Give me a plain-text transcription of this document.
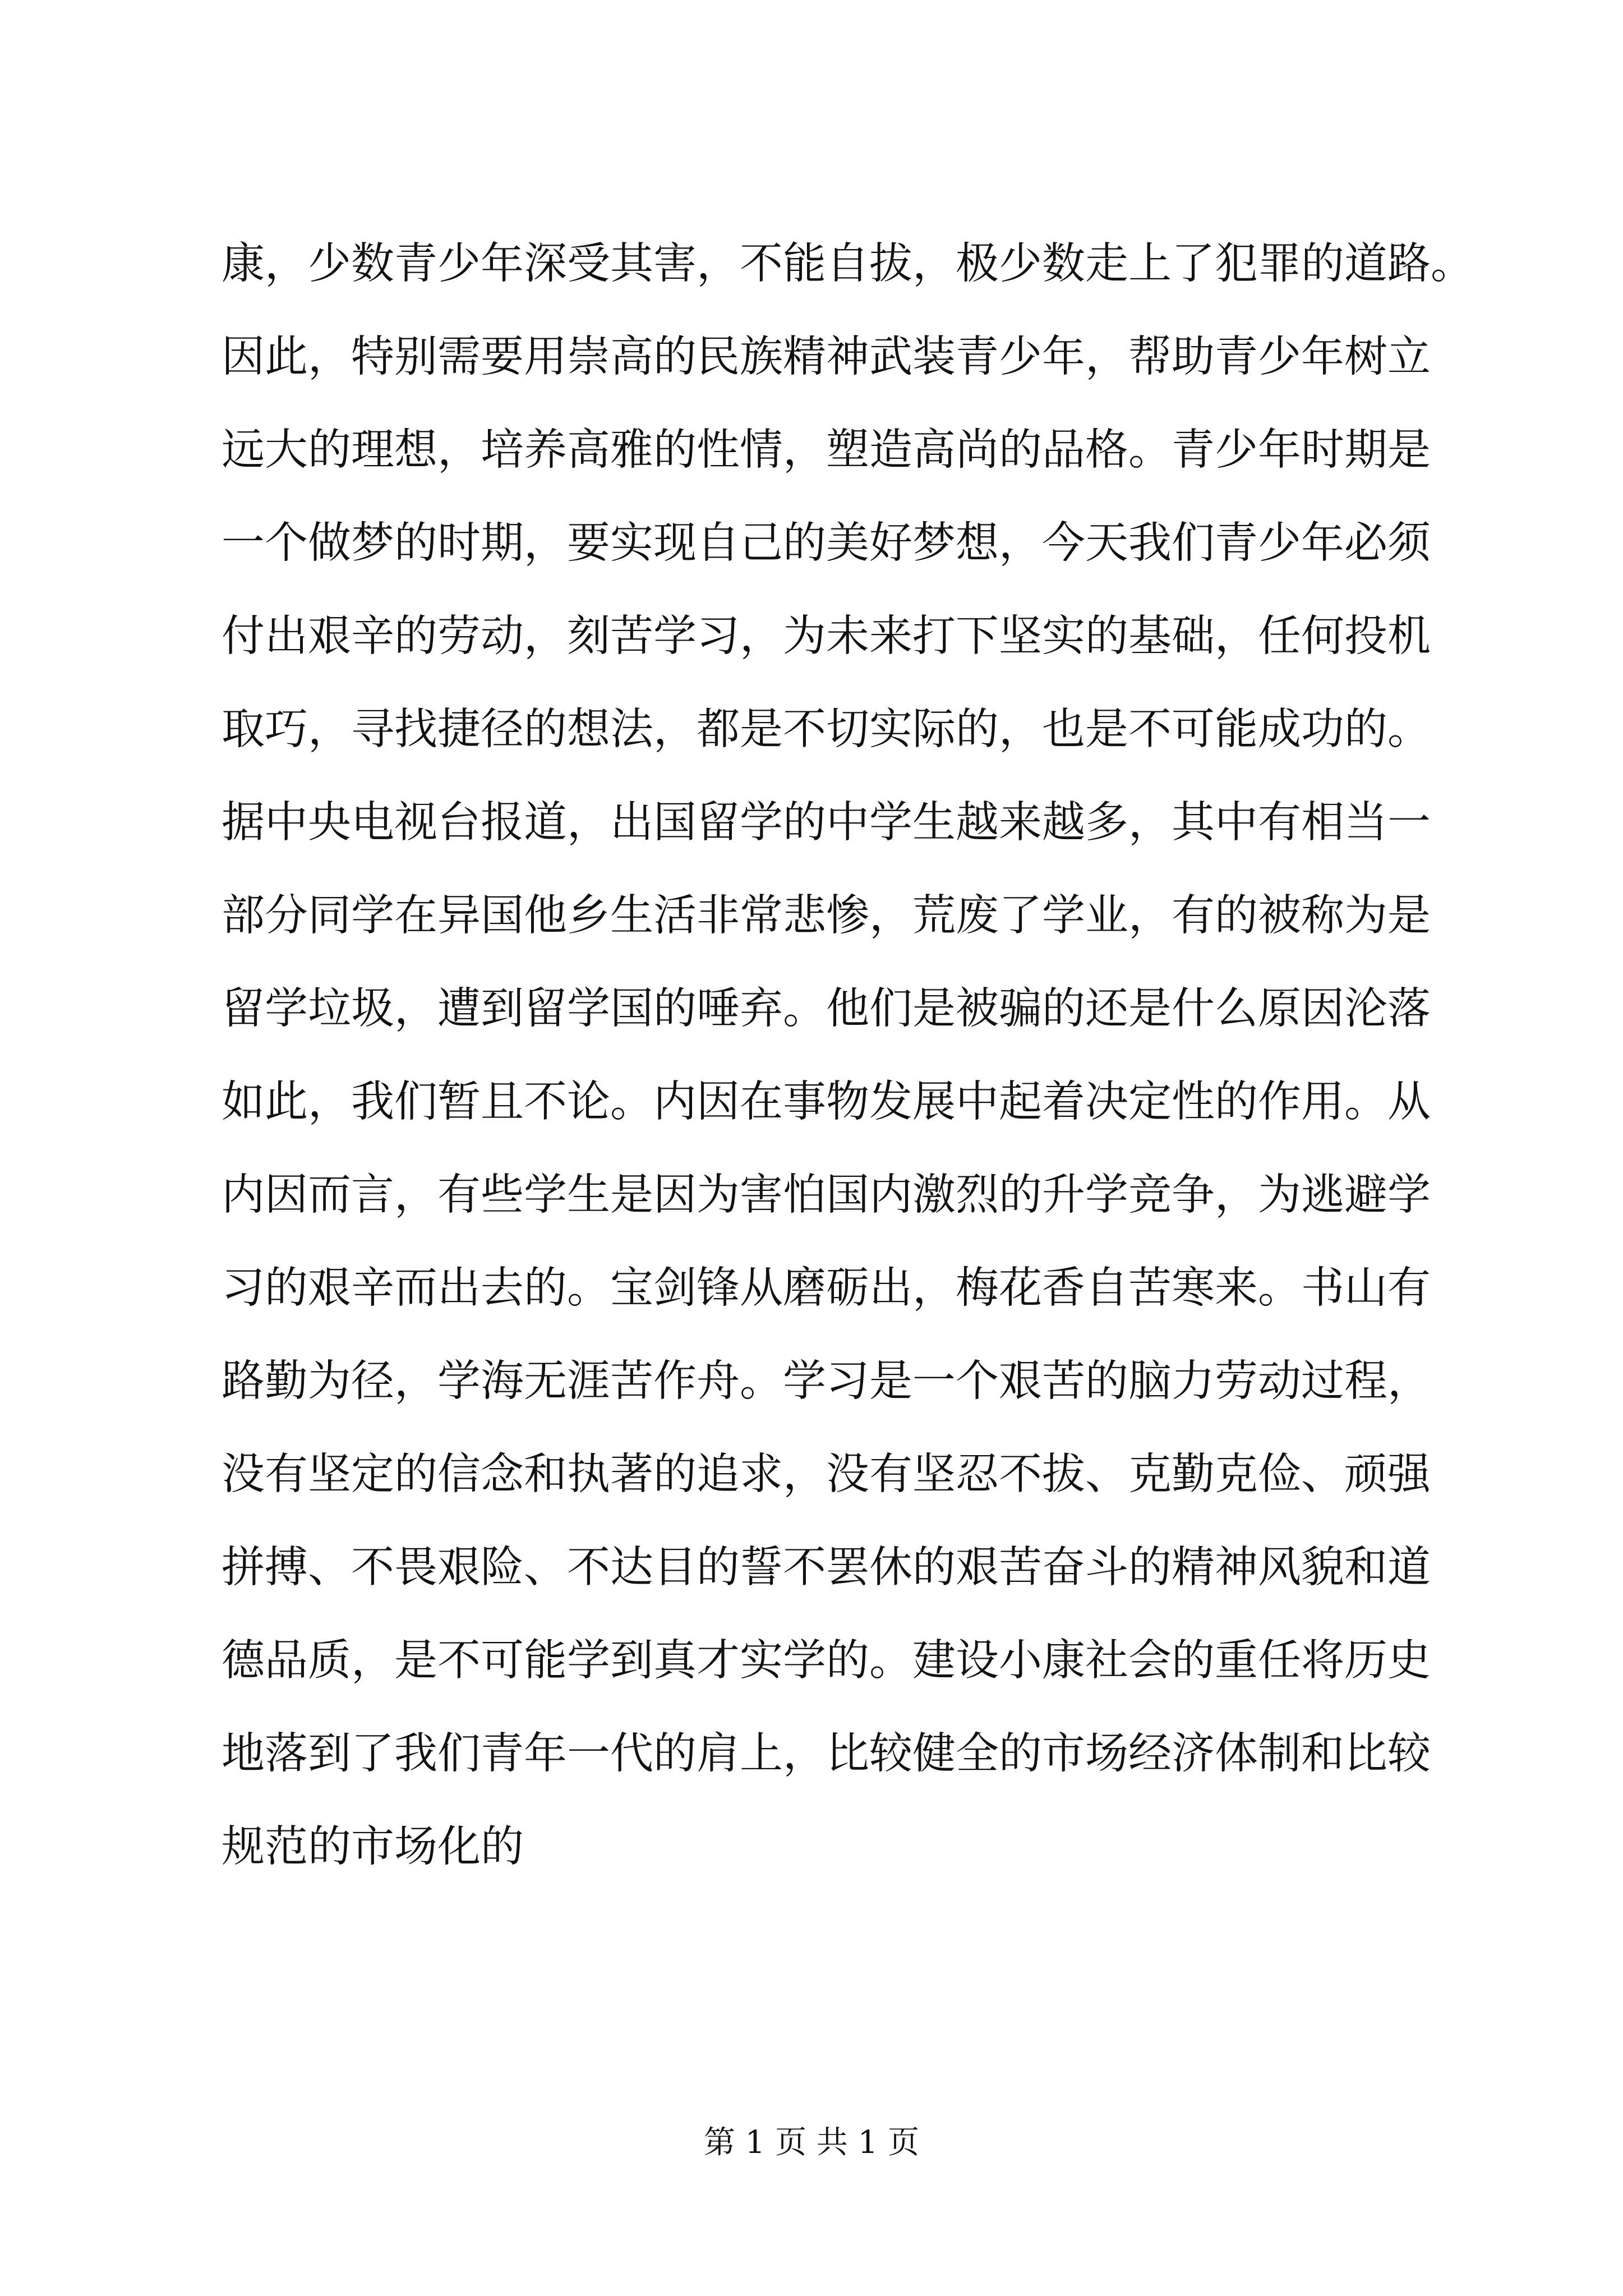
康，少数青少年深受其害，不能自拔，极少数走上了犯罪的道路。
因此，特别需要用崇高的民族精神武装青少年，帮助青少年树立
远大的理想，培养高雅的性情，塑造高尚的品格。青少年时期是
一个做梦的时期，要实现自己的美好梦想，今天我们青少年必须
付出艰辛的劳动，刻苦学习，为未来打下坚实的基础，任何投机
取巧，寻找捷径的想法，都是不切实际的，也是不可能成功的。
据中央电视台报道，出国留学的中学生越来越多，其中有相当一
部分同学在异国他乡生活非常悲惨，荒废了学业，有的被称为是
留学垃圾，遭到留学国的唾弃。他们是被骗的还是什么原因沦落
如此，我们暂且不论。内因在事物发展中起着决定性的作用。从
内因而言，有些学生是因为害怕国内激烈的升学竞争，为逃避学
习的艰辛而出去的。宝剑锋从磨砺出，梅花香自苦寒来。书山有
路勤为径，学海无涯苦作舟。学习是一个艰苦的脑力劳动过程，
没有坚定的信念和执著的追求，没有坚忍不拔、克勤克俭、顽强
拼搏、不畏艰险、不达目的誓不罢休的艰苦奋斗的精神风貌和道
德品质，是不可能学到真才实学的。建设小康社会的重任将历史
地落到了我们青年一代的肩上，比较健全的市场经济体制和比较
规范的市场化的
第 1 页 共 1 页
